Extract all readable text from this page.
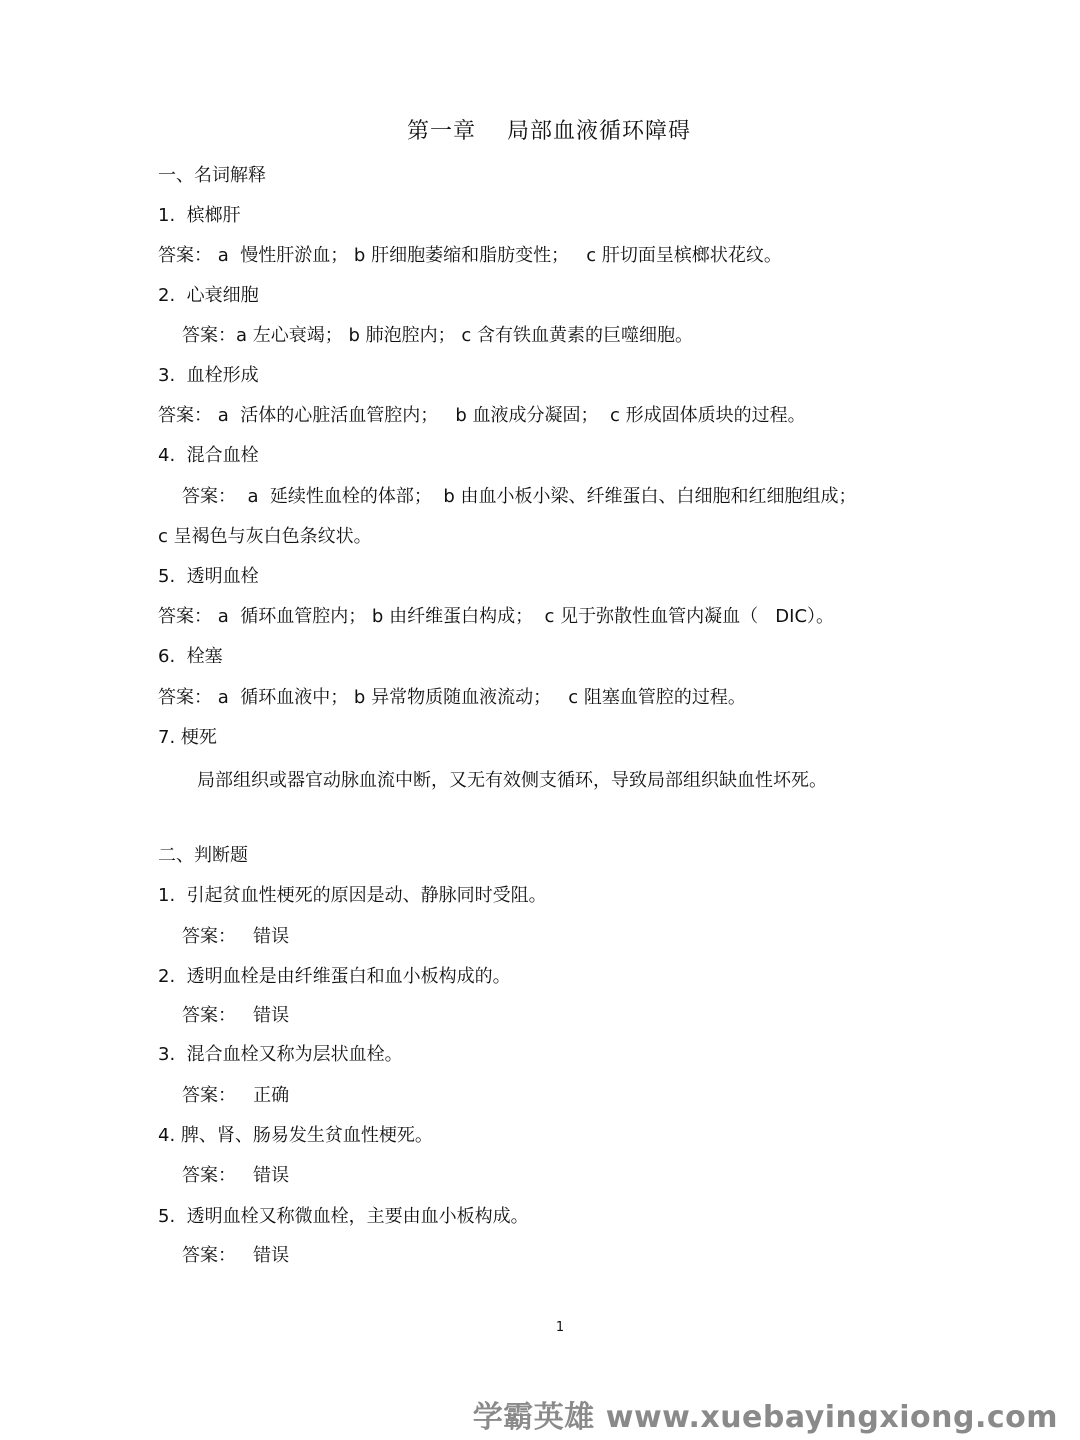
第一章　 局部血液循环障碍
一、名词解释
1.  槟榔肝
答案： a  慢性肝淤血； b 肝细胞萎缩和脂肪变性；   c 肝切面呈槟榔状花纹。
2.  心衰细胞
答案：a 左心衰竭； b 肺泡腔内； c 含有铁血黄素的巨噬细胞。
3.  血栓形成
答案： a  活体的心脏活血管腔内；   b 血液成分凝固；  c 形成固体质块的过程。
4.  混合血栓
答案：  a  延续性血栓的体部；  b 由血小板小梁、纤维蛋白、白细胞和红细胞组成；
c 呈褐色与灰白色条纹状。
5.  透明血栓
答案： a  循环血管腔内； b 由纤维蛋白构成；  c 见于弥散性血管内凝血（   DIC）。
6.  栓塞
答案： a  循环血液中； b 异常物质随血液流动；   c 阻塞血管腔的过程。
7. 梗死
局部组织或器官动脉血流中断，又无有效侧支循环，导致局部组织缺血性坏死。
二、判断题
1.  引起贫血性梗死的原因是动、静脉同时受阻。
答案：   错误
2.  透明血栓是由纤维蛋白和血小板构成的。
答案：   错误
3.  混合血栓又称为层状血栓。
答案：   正确
4. 脾、肾、肠易发生贫血性梗死。
答案：   错误
5.  透明血栓又称微血栓，主要由血小板构成。
答案：   错误
1
学霸英雄 www.xuebayingxiong.com
